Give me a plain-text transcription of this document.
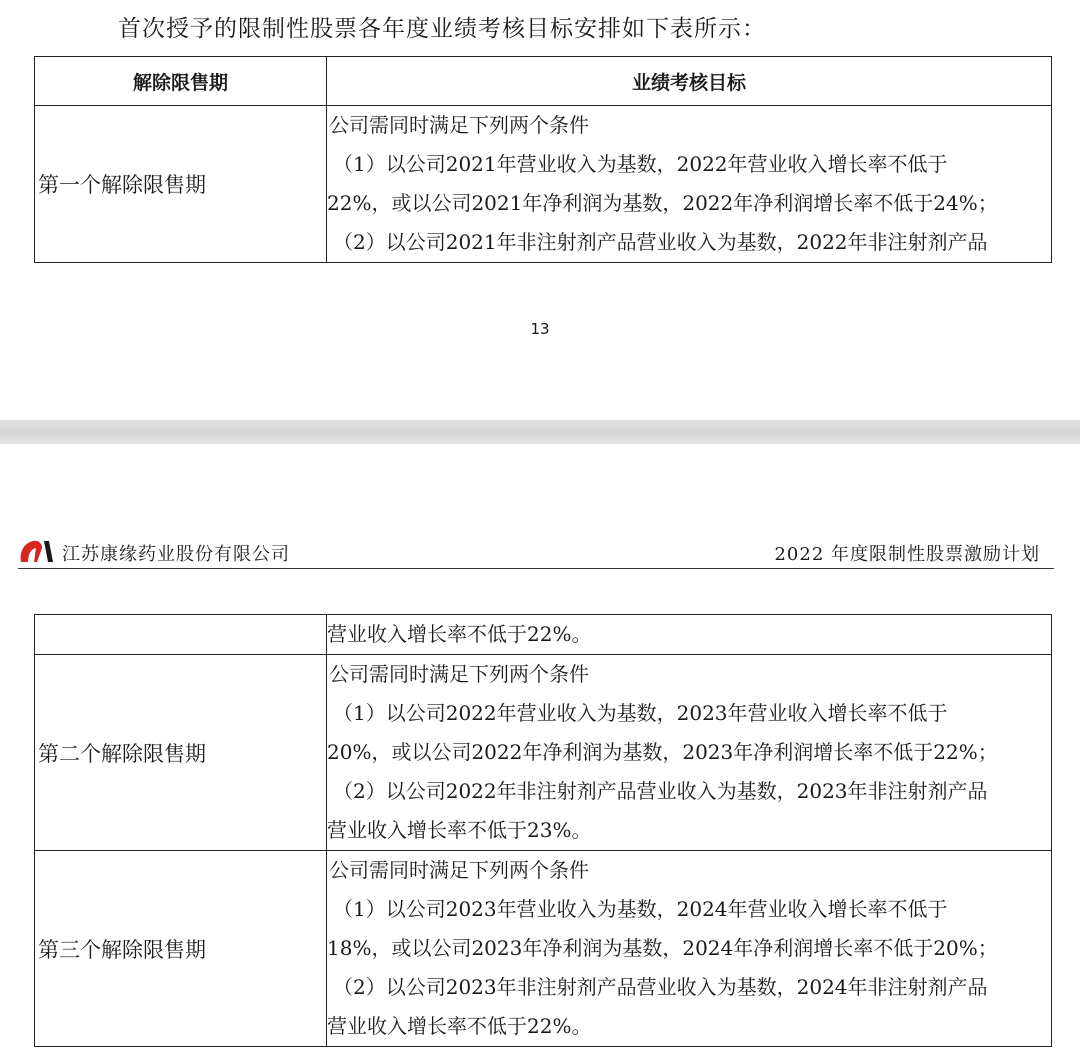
首次授予的限制性股票各年度业绩考核目标安排如下表所示：
解除限售期	业绩考核目标
第一个解除限售期	公司需同时满足下列两个条件
（1）以公司2021年营业收入为基数，2022年营业收入增长率不低于
22%，或以公司2021年净利润为基数，2022年净利润增长率不低于24%；
（2）以公司2021年非注射剂产品营业收入为基数，2022年非注射剂产品
13
江苏康缘药业股份有限公司	2022 年度限制性股票激励计划

	营业收入增长率不低于22%。

第二个解除限售期	公司需同时满足下列两个条件
（1）以公司2022年营业收入为基数，2023年营业收入增长率不低于
20%，或以公司2022年净利润为基数，2023年净利润增长率不低于22%；
（2）以公司2022年非注射剂产品营业收入为基数，2023年非注射剂产品
营业收入增长率不低于23%。

第三个解除限售期	公司需同时满足下列两个条件
（1）以公司2023年营业收入为基数，2024年营业收入增长率不低于
18%，或以公司2023年净利润为基数，2024年净利润增长率不低于20%；
（2）以公司2023年非注射剂产品营业收入为基数，2024年非注射剂产品
营业收入增长率不低于22%。
